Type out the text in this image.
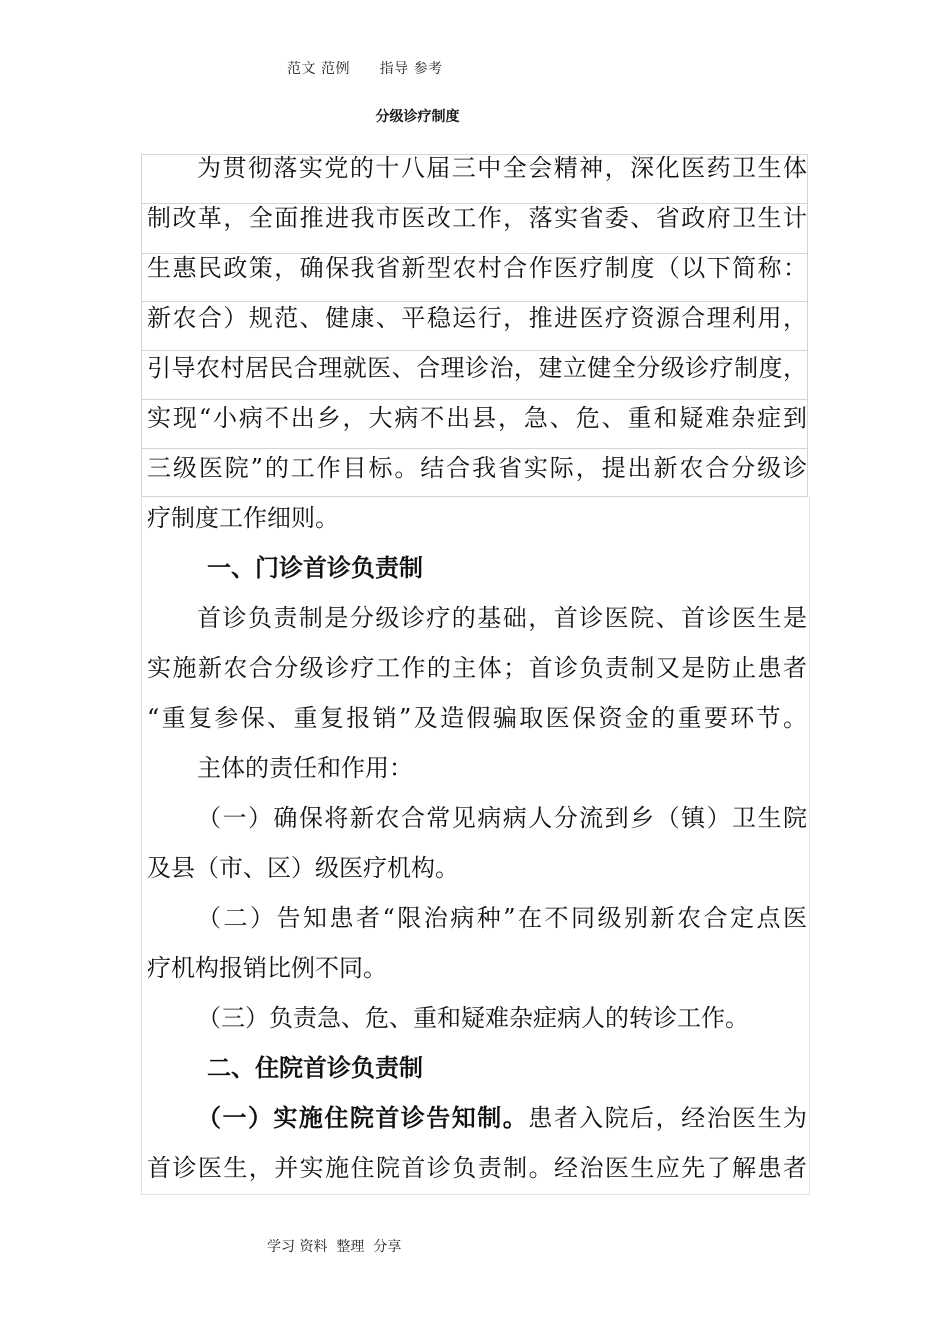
范文 范例      指导 参考
分级诊疗制度
为贯彻落实党的十八届三中全会精神，深化医药卫生体
制改革，全面推进我市医改工作，落实省委、省政府卫生计
生惠民政策，确保我省新型农村合作医疗制度（以下简称：
新农合）规范、健康、平稳运行，推进医疗资源合理利用，
引导农村居民合理就医、合理诊治，建立健全分级诊疗制度，
实现“小病不出乡，大病不出县，急、危、重和疑难杂症到
三级医院”的工作目标。结合我省实际，提出新农合分级诊
疗制度工作细则。
一、门诊首诊负责制
首诊负责制是分级诊疗的基础，首诊医院、首诊医生是
实施新农合分级诊疗工作的主体；首诊负责制又是防止患者
“重复参保、重复报销”及造假骗取医保资金的重要环节。
主体的责任和作用：
（一）确保将新农合常见病病人分流到乡（镇）卫生院
及县（市、区）级医疗机构。
（二）告知患者“限治病种”在不同级别新农合定点医
疗机构报销比例不同。
（三）负责急、危、重和疑难杂症病人的转诊工作。
二、住院首诊负责制
（一）实施住院首诊告知制。患者入院后，经治医生为
首诊医生，并实施住院首诊负责制。经治医生应先了解患者
学习 资料  整理  分享
